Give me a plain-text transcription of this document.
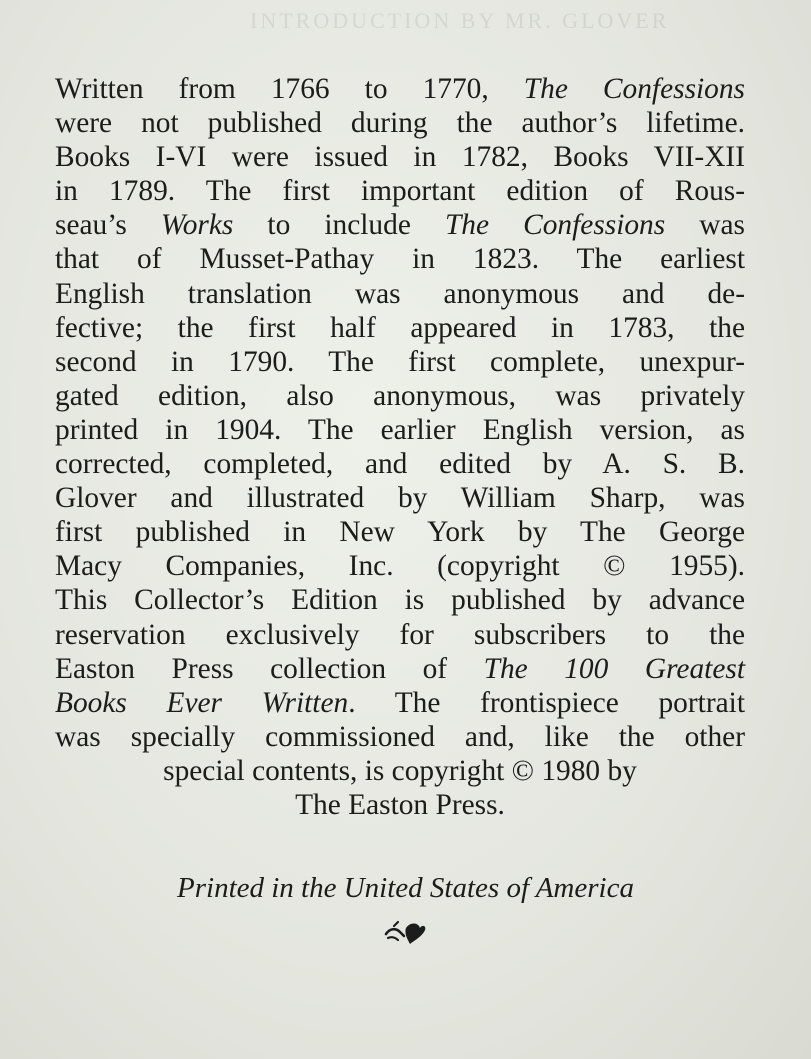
INTRODUCTION BY MR. GLOVER
Written from 1766 to 1770, The Confessions
were not published during the author’s lifetime.
Books I-VI were issued in 1782, Books VII-XII
in 1789. The first important edition of Rous-
seau’s Works to include The Confessions was
that of Musset-Pathay in 1823. The earliest
English translation was anonymous and de-
fective; the first half appeared in 1783, the
second in 1790. The first complete, unexpur-
gated edition, also anonymous, was privately
printed in 1904. The earlier English version, as
corrected, completed, and edited by A. S. B.
Glover and illustrated by William Sharp, was
first published in New York by The George
Macy Companies, Inc. (copyright © 1955).
This Collector’s Edition is published by advance
reservation exclusively for subscribers to the
Easton Press collection of The 100 Greatest
Books Ever Written. The frontispiece portrait
was specially commissioned and, like the other
special contents, is copyright © 1980 by
The Easton Press.
Printed in the United States of America
